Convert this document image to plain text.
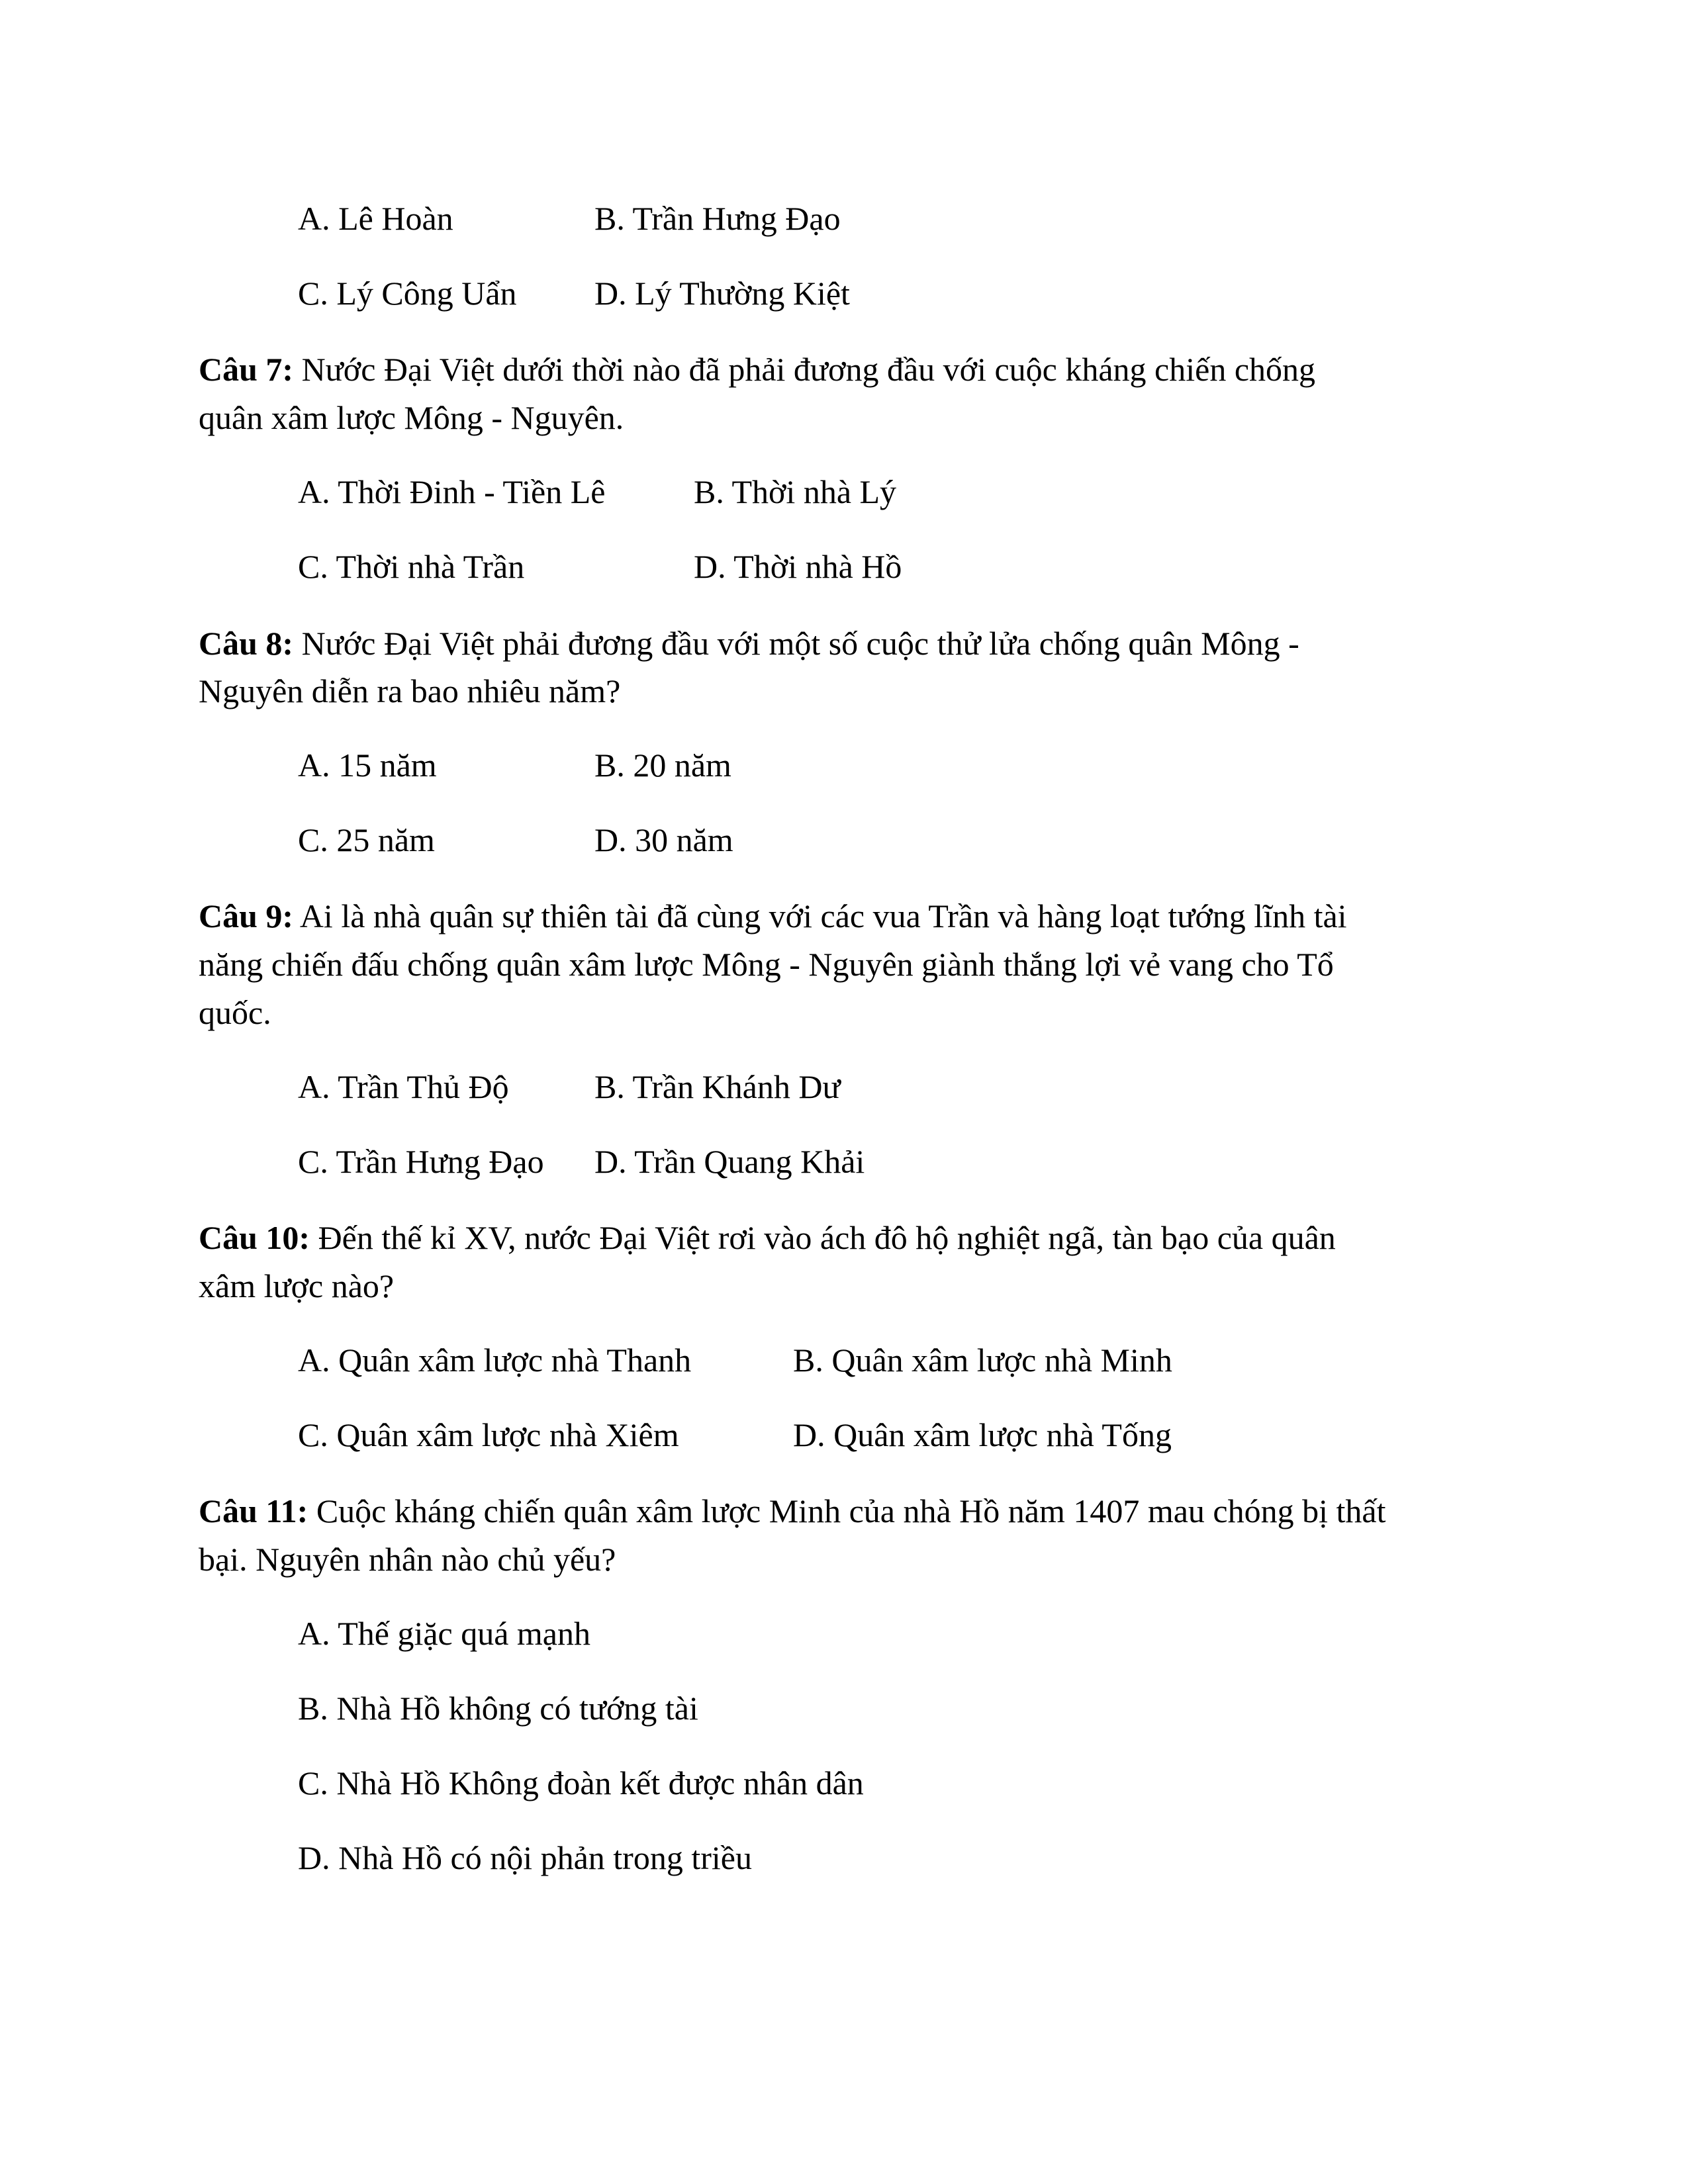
A. Lê Hoàn	B. Trần Hưng Đạo
C. Lý Công Uẩn D. Lý Thường Kiệt
Câu 7: Nước Đại Việt dưới thời nào đã phải đương đầu với cuộc kháng chiến chống
quân xâm lược Mông - Nguyên.
A. Thời Đinh - Tiền Lê	B. Thời nhà Lý
C. Thời nhà Trần	D. Thời nhà Hồ
Câu 8: Nước Đại Việt phải đương đầu với một số cuộc thử lửa chống quân Mông -
Nguyên diễn ra bao nhiêu năm?
A. 15 năm	B. 20 năm
C. 25 năm	D. 30 năm
Câu 9: Ai là nhà quân sự thiên tài đã cùng với các vua Trần và hàng loạt tướng lĩnh tài
năng chiến đấu chống quân xâm lược Mông - Nguyên giành thắng lợi vẻ vang cho Tổ
quốc.
A. Trần Thủ Độ	B. Trần Khánh Dư
C. Trần Hưng Đạo D. Trần Quang Khải
Câu 10: Đến thế kỉ XV, nước Đại Việt rơi vào ách đô hộ nghiệt ngã, tàn bạo của quân
xâm lược nào?
A. Quân xâm lược nhà Thanh	B. Quân xâm lược nhà Minh
C. Quân xâm lược nhà Xiêm	D. Quân xâm lược nhà Tống
Câu 11: Cuộc kháng chiến quân xâm lược Minh của nhà Hồ năm 1407 mau chóng bị thất
bại. Nguyên nhân nào chủ yếu?
A. Thế giặc quá mạnh
B. Nhà Hồ không có tướng tài
C. Nhà Hồ Không đoàn kết được nhân dân
D. Nhà Hồ có nội phản trong triều
